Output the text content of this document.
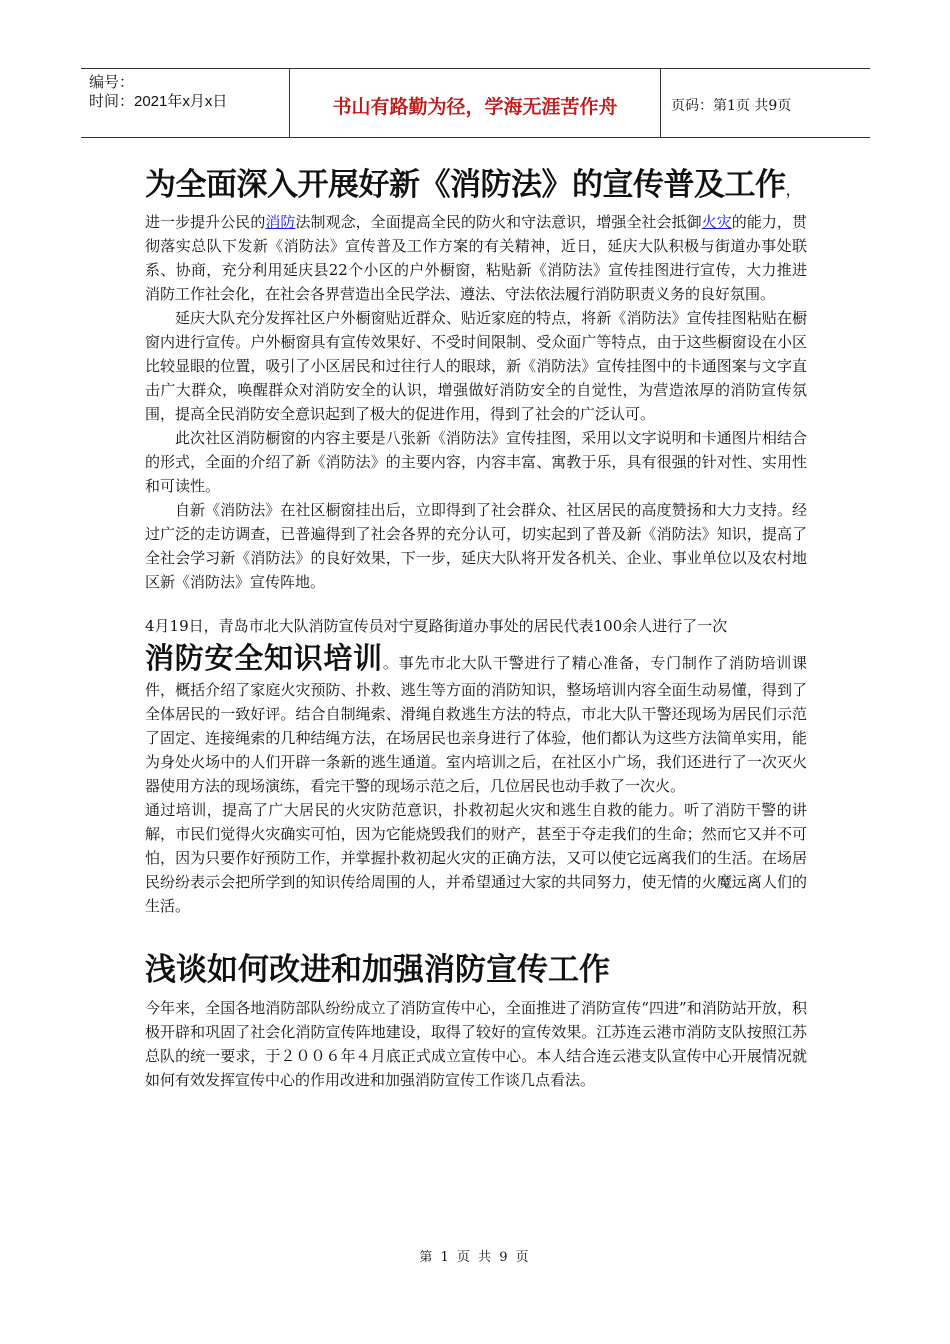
编号：
时间：2021年x月x日	书山有路勤为径，学海无涯苦作舟	页码：第1页 共9页
为全面深入开展好新《消防法》的宣传普及工作，

进一步提升公民的消防法制观念，全面提高全民的防火和守法意识，增强全社会抵御火灾的能力，贯彻落实总队下发新《消防法》宣传普及工作方案的有关精神，近日，延庆大队积极与街道办事处联系、协商，充分利用延庆县22个小区的户外橱窗，粘贴新《消防法》宣传挂图进行宣传，大力推进消防工作社会化，在社会各界营造出全民学法、遵法、守法依法履行消防职责义务的良好氛围。

延庆大队充分发挥社区户外橱窗贴近群众、贴近家庭的特点，将新《消防法》宣传挂图粘贴在橱窗内进行宣传。户外橱窗具有宣传效果好、不受时间限制、受众面广等特点，由于这些橱窗设在小区比较显眼的位置，吸引了小区居民和过往行人的眼球，新《消防法》宣传挂图中的卡通图案与文字直击广大群众，唤醒群众对消防安全的认识，增强做好消防安全的自觉性，为营造浓厚的消防宣传氛围，提高全民消防安全意识起到了极大的促进作用，得到了社会的广泛认可。

此次社区消防橱窗的内容主要是八张新《消防法》宣传挂图，采用以文字说明和卡通图片相结合的形式，全面的介绍了新《消防法》的主要内容，内容丰富、寓教于乐，具有很强的针对性、实用性和可读性。

自新《消防法》在社区橱窗挂出后，立即得到了社会群众、社区居民的高度赞扬和大力支持。经过广泛的走访调查，已普遍得到了社会各界的充分认可，切实起到了普及新《消防法》知识，提高了全社会学习新《消防法》的良好效果，下一步，延庆大队将开发各机关、企业、事业单位以及农村地区新《消防法》宣传阵地。

4月19日，青岛市北大队消防宣传员对宁夏路街道办事处的居民代表100余人进行了一次

消防安全知识培训。事先市北大队干警进行了精心准备，专门制作了消防培训课件，概括介绍了家庭火灾预防、扑救、逃生等方面的消防知识，整场培训内容全面生动易懂，得到了全体居民的一致好评。结合自制绳索、滑绳自救逃生方法的特点，市北大队干警还现场为居民们示范了固定、连接绳索的几种结绳方法，在场居民也亲身进行了体验，他们都认为这些方法简单实用，能为身处火场中的人们开辟一条新的逃生通道。室内培训之后，在社区小广场，我们还进行了一次灭火器使用方法的现场演练，看完干警的现场示范之后，几位居民也动手救了一次火。

通过培训，提高了广大居民的火灾防范意识，扑救初起火灾和逃生自救的能力。听了消防干警的讲解，市民们觉得火灾确实可怕，因为它能烧毁我们的财产，甚至于夺走我们的生命；然而它又并不可怕，因为只要作好预防工作，并掌握扑救初起火灾的正确方法，又可以使它远离我们的生活。在场居民纷纷表示会把所学到的知识传给周围的人，并希望通过大家的共同努力，使无情的火魔远离人们的生活。

浅谈如何改进和加强消防宣传工作

今年来，全国各地消防部队纷纷成立了消防宣传中心，全面推进了消防宣传“四进”和消防站开放，积极开辟和巩固了社会化消防宣传阵地建设，取得了较好的宣传效果。江苏连云港市消防支队按照江苏总队的统一要求，于２００６年４月底正式成立宣传中心。本人结合连云港支队宣传中心开展情况就如何有效发挥宣传中心的作用改进和加强消防宣传工作谈几点看法。

第 1 页 共 9 页
